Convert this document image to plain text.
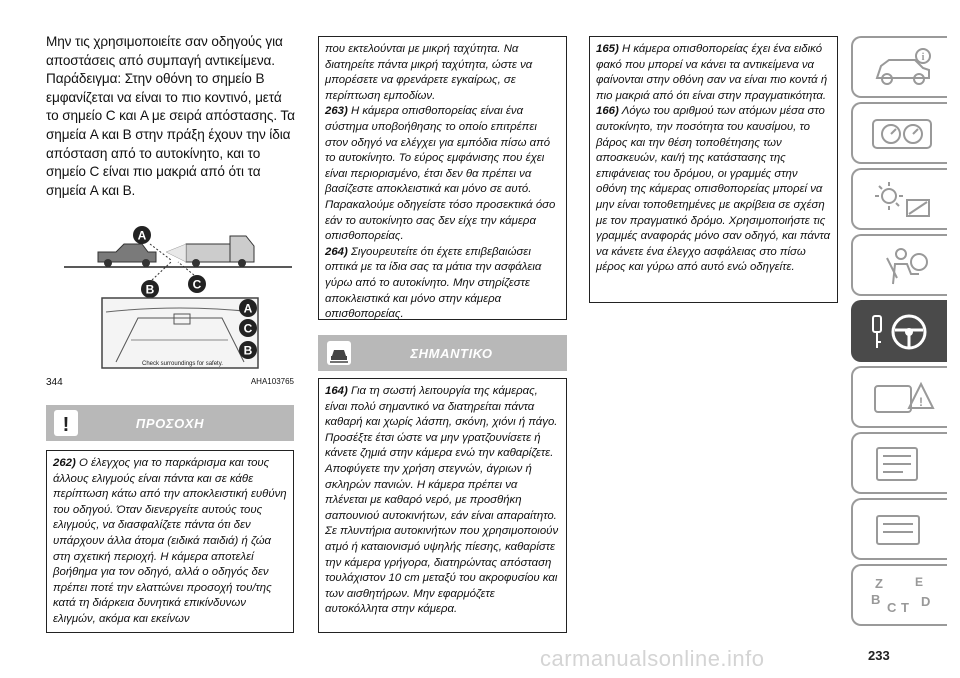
Μην τις χρησιμοποιείτε σαν οδηγούς για αποστάσεις από συμπαγή αντικείμενα. Παράδειγμα: Στην οθόνη το σημείο B εμφανίζεται να είναι το πιο κοντινό, μετά το σημείο C και A με σειρά απόστασης. Τα σημεία A και B στην πράξη έχουν την ίδια απόσταση από το αυτοκίνητο, και το σημείο C είναι πιο μακριά από ότι τα σημεία A και B.

A
B	C
Check surroundings for safety.
A
C
B
344	AHA103765
!	ΠΡΟΣΟΧΗ

262) Ο έλεγχος για το παρκάρισμα και τους άλλους ελιγμούς είναι πάντα και σε κάθε περίπτωση κάτω από την αποκλειστική ευθύνη του οδηγού. Όταν διενεργείτε αυτούς τους ελιγμούς, να διασφαλίζετε πάντα ότι δεν υπάρχουν άλλα άτομα (ειδικά παιδιά) ή ζώα στη σχετική περιοχή. Η κάμερα αποτελεί βοήθημα για τον οδηγό, αλλά ο οδηγός δεν πρέπει ποτέ την ελαττώνει προσοχή του/της κατά τη διάρκεια δυνητικά επικίνδυνων ελιγμών, ακόμα και εκείνων

που εκτελούνται με μικρή ταχύτητα. Να διατηρείτε πάντα μικρή ταχύτητα, ώστε να μπορέσετε να φρενάρετε εγκαίρως, σε περίπτωση εμποδίων.

263) Η κάμερα οπισθοπορείας είναι ένα σύστημα υποβοήθησης το οποίο επιτρέπει στον οδηγό να ελέγχει για εμπόδια πίσω από το αυτοκίνητο. Το εύρος εμφάνισης που έχει είναι περιορισμένο, έτσι δεν θα πρέπει να βασίζεστε αποκλειστικά και μόνο σε αυτό. Παρακαλούμε οδηγείστε τόσο προσεκτικά όσο εάν το αυτοκίνητο σας δεν είχε την κάμερα οπισθοπορείας.

264) Σιγουρευτείτε ότι έχετε επιβεβαιώσει οπτικά με τα ίδια σας τα μάτια την ασφάλεια γύρω από το αυτοκίνητο. Μην στηρίζεστε αποκλειστικά και μόνο στην κάμερα οπισθοπορείας.

ΣΗΜΑΝΤΙΚΟ

164) Για τη σωστή λειτουργία της κάμερας, είναι πολύ σημαντικό να διατηρείται πάντα καθαρή και χωρίς λάσπη, σκόνη, χιόνι ή πάγο. Προσέξτε έτσι ώστε να μην γρατζουνίσετε ή κάνετε ζημιά στην κάμερα ενώ την καθαρίζετε. Αποφύγετε την χρήση στεγνών, άγριων ή σκληρών πανιών. Η κάμερα πρέπει να πλένεται με καθαρό νερό, με προσθήκη σαπουνιού αυτοκινήτων, εάν είναι απαραίτητο. Σε πλυντήρια αυτοκινήτων που χρησιμοποιούν ατμό ή καταιονισμό υψηλής πίεσης, καθαρίστε την κάμερα γρήγορα, διατηρώντας απόσταση τουλάχιστον 10 cm μεταξύ του ακροφυσίου και των αισθητήρων. Μην εφαρμόζετε αυτοκόλλητα στην κάμερα.

165) Η κάμερα οπισθοπορείας έχει ένα ειδικό φακό που μπορεί να κάνει τα αντικείμενα να φαίνονται στην οθόνη σαν να είναι πιο κοντά ή πιο μακριά από ότι είναι στην πραγματικότητα.

166) Λόγω του αριθμού των ατόμων μέσα στο αυτοκίνητο, την ποσότητα του καυσίμου, το βάρος και την θέση τοποθέτησης των αποσκευών, και/ή της κατάστασης της επιφάνειας του δρόμου, οι γραμμές στην οθόνη της κάμερας οπισθοπορείας μπορεί να μην είναι τοποθετημένες με ακρίβεια σε σχέση με τον πραγματικό δρόμο. Χρησιμοποιήστε τις γραμμές αναφοράς μόνο σαν οδηγό, και πάντα να κάνετε ένα έλεγχο ασφάλειας στο πίσω μέρος και γύρω από αυτό ενώ οδηγείτε.

i
!
Z	E
B
C T D
carmanualsonline.info	233
